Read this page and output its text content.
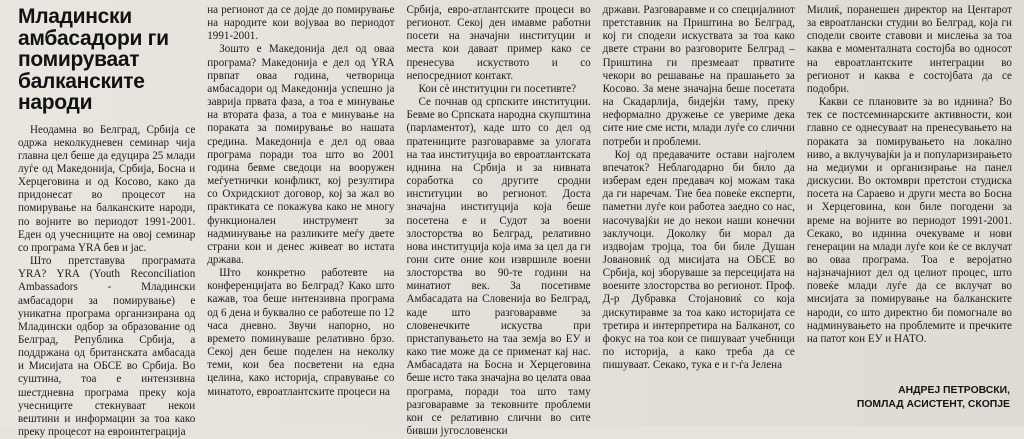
Младински амбасадори ги помируваат балканските народи

Неодамна во Белград, Србија се одржа неколкудневен семинар чија главна цел беше да едуцира 25 млади луѓе од Македонија, Србија, Босна и Херцеговина и од Косово, како да придонесат во процесот на помирување на балканските народи, по војните во периодот 1991-2001. Еден од учесниците на овој семинар со програма YRA бев и јас.

Што претставува програмата YRA? YRA (Youth Reconciliation Ambassadors - Младински амбасадори за помирување) е уникатна програма организирана од Младински одбор за образование од Белград, Република Србија, а поддржана од британската амбасада и Мисијата на ОБСЕ во Србија. Во суштина, тоа е интензивна шестдневна програма преку која учесниците стекнуваат некои вештини и информации за тоа како преку процесот на евроинтеграција

на регионот да се дојде до помирување на народите кои војуваа во периодот 1991-2001.

Зошто е Македонија дел од оваа програма? Македонија е дел од YRA првпат оваа година, четворица амбасадори од Македонија успешно ја заврија првата фаза, а тоа е минување на втората фаза, а тоа е минување на пораката за помирување во нашата средина. Македонија е дел од оваа програма поради тоа што во 2001 година бевме сведоци на вооружен меѓуетнички конфликт, кој резултира со Охридскиот договор, кој за жал во практиката се покажува како не многу функционален инструмент за надминување на разликите меѓу двете страни кои и денес живеат во истата држава.

Што конкретно работевте на конференцијата во Белград? Како што кажав, тоа беше интензивна програма од 6 дена и буквално се работеше по 12 часа дневно. Звучи напорно, но времето поминуваше релативно брзо. Секој ден беше поделен на неколку теми, кои беа посветени на една целина, како историја, справување со минатото, евроатлантските процеси на

Србија, евро-атлантските процеси во регионот. Секој ден имавме работни посети на значајни институции и места кои даваат пример како се пренесува искуството и со непосредниот контакт.

Кои сè институции ги посетивте?

Се почнав од српските институции. Бевме во Српската народна скупштина (парламентот), каде што со дел од пратениците разговаравме за улогата на таа институција во евроатлантската иднина на Србија и за нивната соработка со другите сродни институции во регионот. Доста значајна институција која беше посетена е и Судот за воени злосторства во Белград, релативно нова институција која има за цел да ги гони сите оние кои извршиле воени злосторства во 90-те години на минатиот век. За посетивме Амбасадата на Словенија во Белград, каде што разговаравме за словенечките искуства при пристапувањето на таа земја во ЕУ и како тие може да се применат кај нас. Амбасадата на Босна и Херцеговина беше исто така значајна во целата оваа програма, поради тоа што таму разговаравме за тековните проблеми кои се релативно слични во сите бивши југословенски

држави. Разговаравме и со специјалниот претставник на Приштина во Белград, кој ги сподели искуствата за тоа како двете страни во разговорите Белград – Приштина ги презмеаат прватите чекори во решавање на прашањето за Косово. За мене значајна беше посетата на Скадарлија, бидејќи таму, преку неформално дружење се увериме дека сите ние сме исти, млади луѓе со слични потреби и проблеми.

Кој од предавачите остави најголем впечаток? Неблагодарно би било да изберам еден предавач кој можам така да ги наречам. Тие беа повеќе експерти, паметни луѓе кои работеа заедно со нас, насочувајќи не до некои наши конечни заклучоци. Доколку би морал да издвојам тројца, тоа би биле Душан Јовановиќ од мисијата на ОБСЕ во Србија, кој зборуваше за персецијата на воените злосторства во регионот. Проф. Д-р Дубравка Стојановиќ со која дискутиравме за тоа како историјата се третира и интерпретира на Балканот, со фокус на тоа кои се пишуваат учебници по историја, а како треба да се пишуваат. Секако, тука е и г-ѓа Јелена

Милиќ, поранешен директор на Центарот за евроатлански студии во Белград, која ги сподели своите ставови и мислења за тоа каква е моменталната состојба во односот на евроатлантските интеграции во регионот и каква е состојбата да се подобри.

Какви се плановите за во иднина? Во тек се постсеминарските активности, кои главно се однесуваат на пренесувањето на пораката за помирувањето на локално ниво, а вклучувајќи ја и популаризирањето на медиуми и организирање на панел дискусии. Во октомври претстои студиска посета на Сараево и други места во Босна и Херцеговина, кои биле погодени за време на војните во периодот 1991-2001. Секако, во иднина очекуваме и нови генерации на млади луѓе кои ќе се вклучат во оваа програма. Тоа е веројатно најзначајниот дел од целиот процес, што повеќе млади луѓе да се вклучат во мисијата за помирување на балканските народи, со што директно би помогнале во надминувањето на проблемите и пречките на патот кон ЕУ и НАТО.

АНДРЕЈ ПЕТРОВСКИ,
ПОМЛАД АСИСТЕНТ, СКОПЈЕ
